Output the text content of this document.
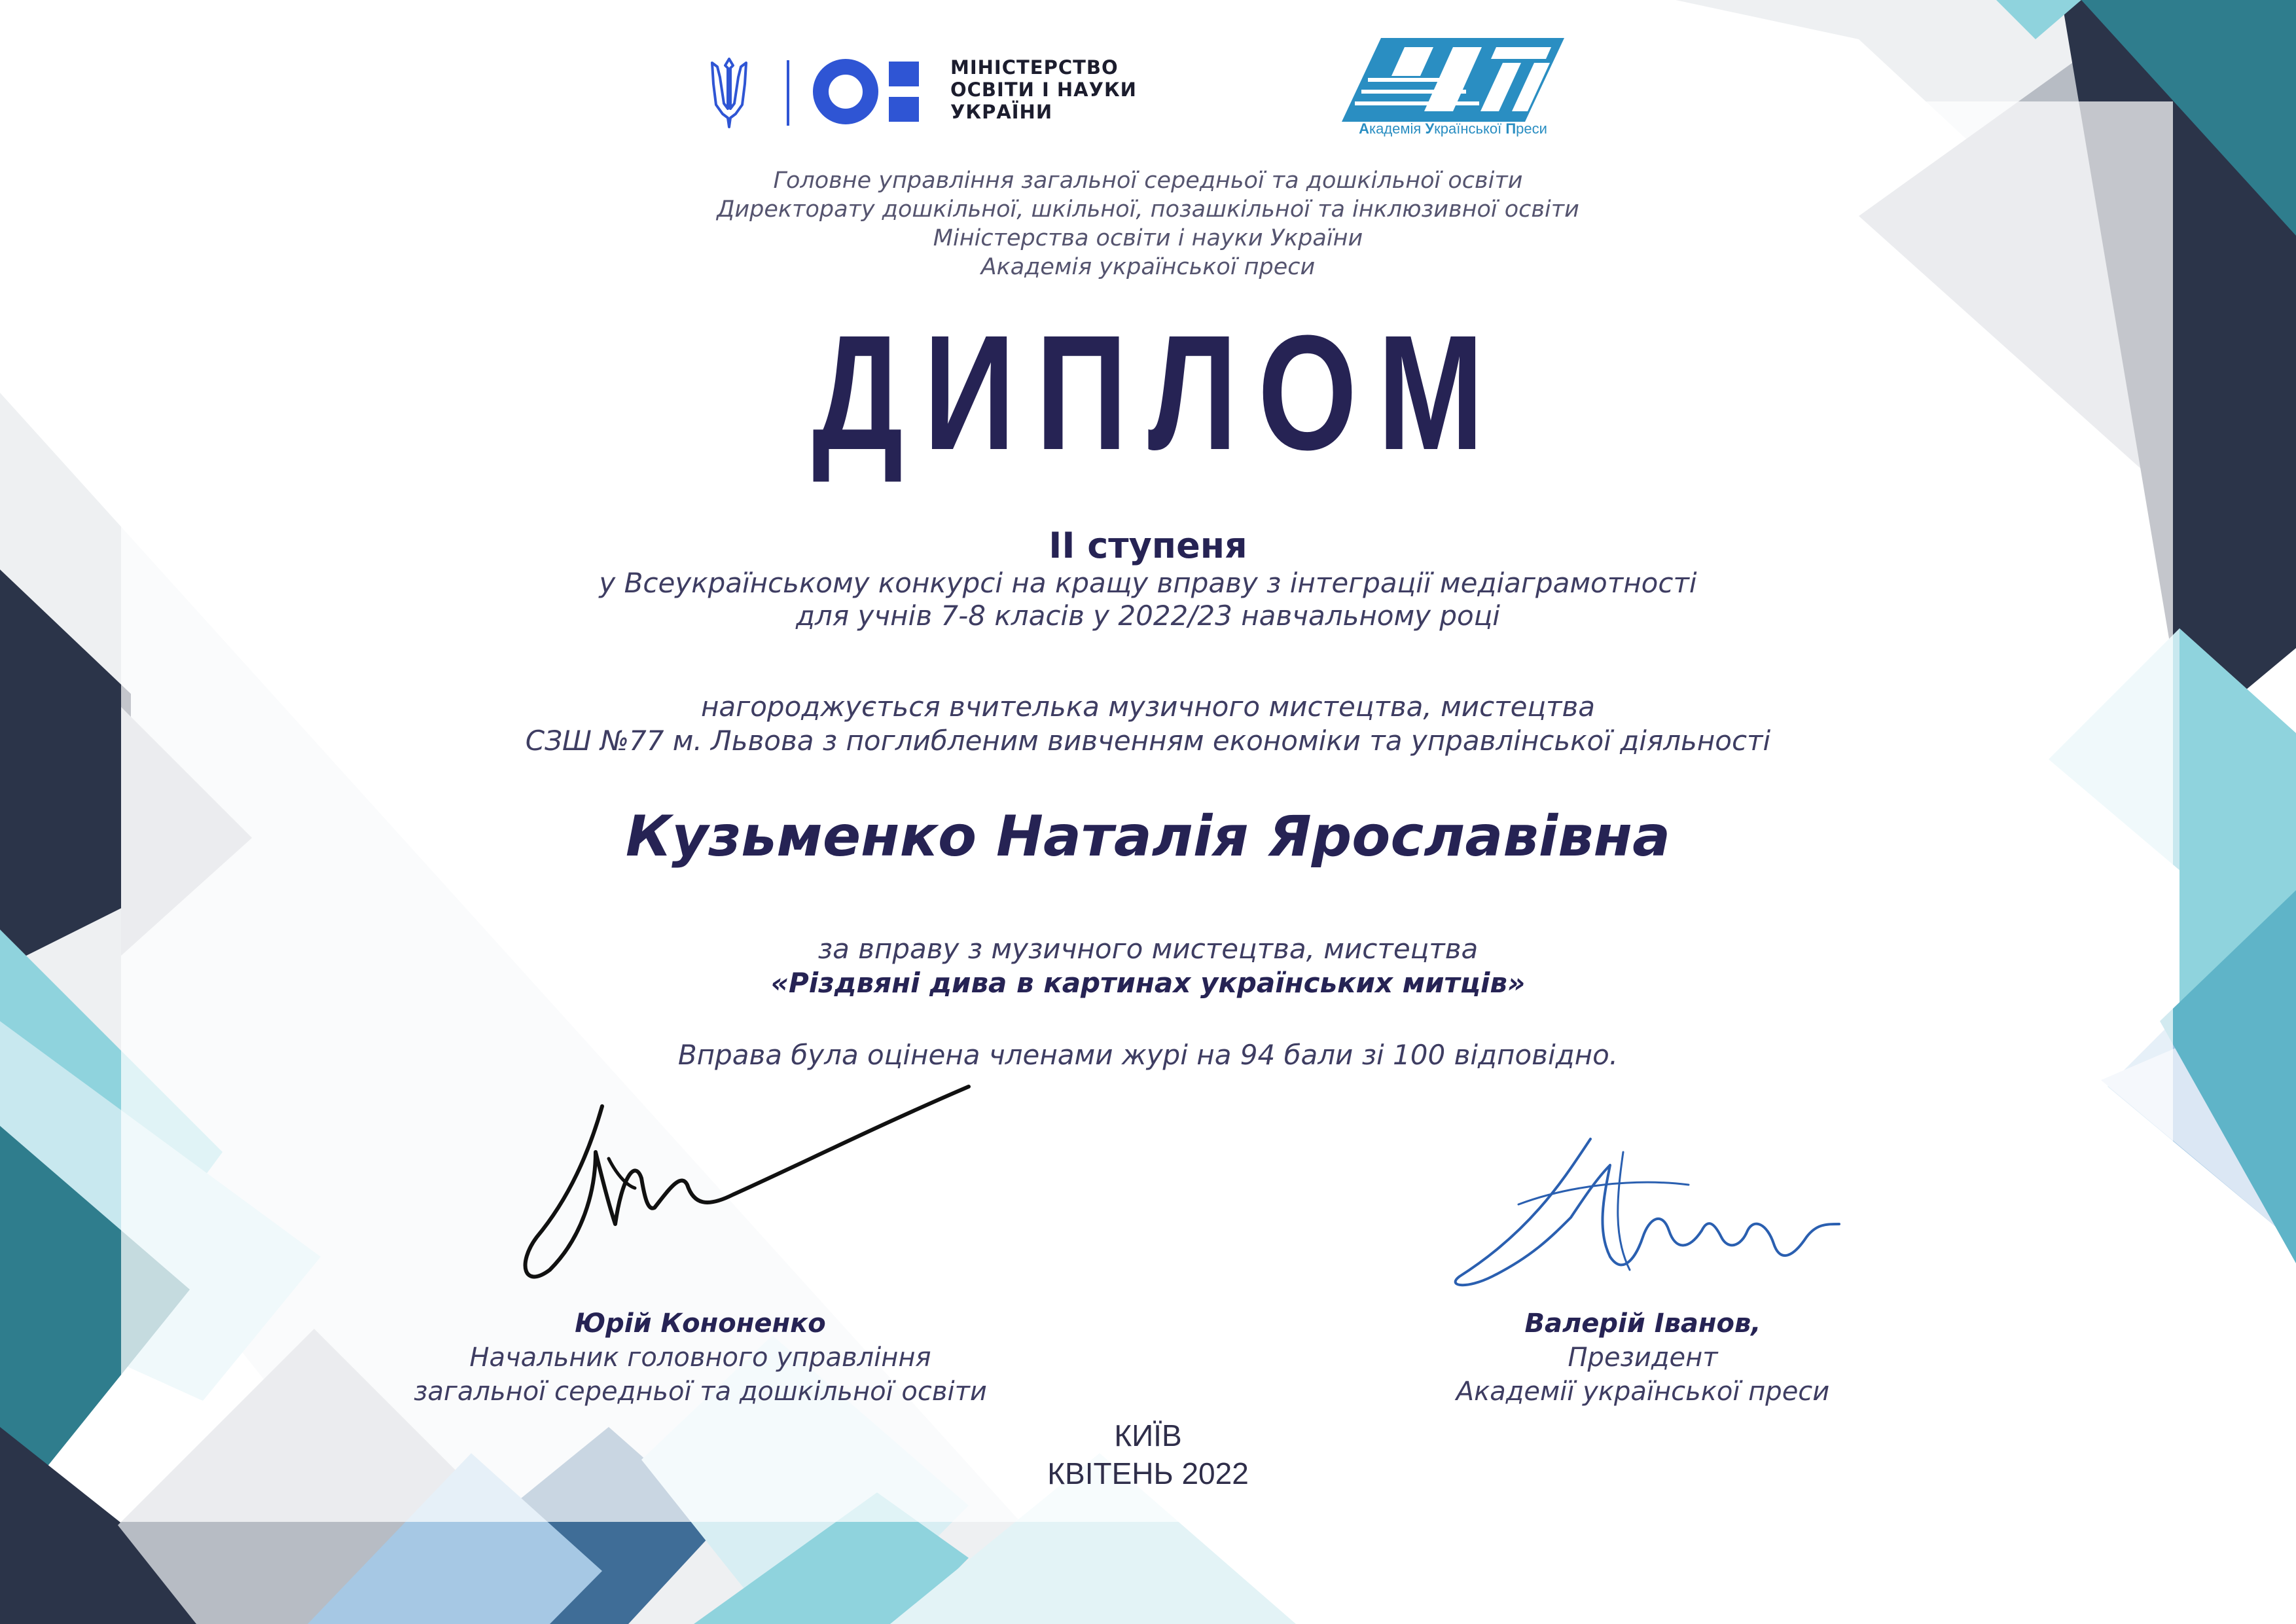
МІНІСТЕРСТВО
ОСВІТИ І НАУКИ
УКРАЇНИ
Академія Української Преси
Головне управління загальної середньої та дошкільної освіти
Директорату дошкільної, шкільної, позашкільної та інклюзивної освіти
Міністерства освіти і науки України
Академія української преси
ДИПЛОМ
ІІ ступеня
у Всеукраїнському конкурсі на кращу вправу з інтеграції медіаграмотності
для учнів 7-8 класів у 2022/23 навчальному році
нагороджується вчителька музичного мистецтва, мистецтва
СЗШ №77 м. Львова з поглибленим вивченням економіки та управлінської діяльності
Кузьменко Наталія Ярославівна
за вправу з музичного мистецтва, мистецтва
«Різдвяні дива в картинах українських митців»
Вправа була оцінена членами журі на 94 бали зі 100 відповідно.
Юрій Кононенко
Начальник головного управління
загальної середньої та дошкільної освіти
Валерій Іванов,
Президент
Академії української преси
КИЇВ
КВІТЕНЬ 2022
